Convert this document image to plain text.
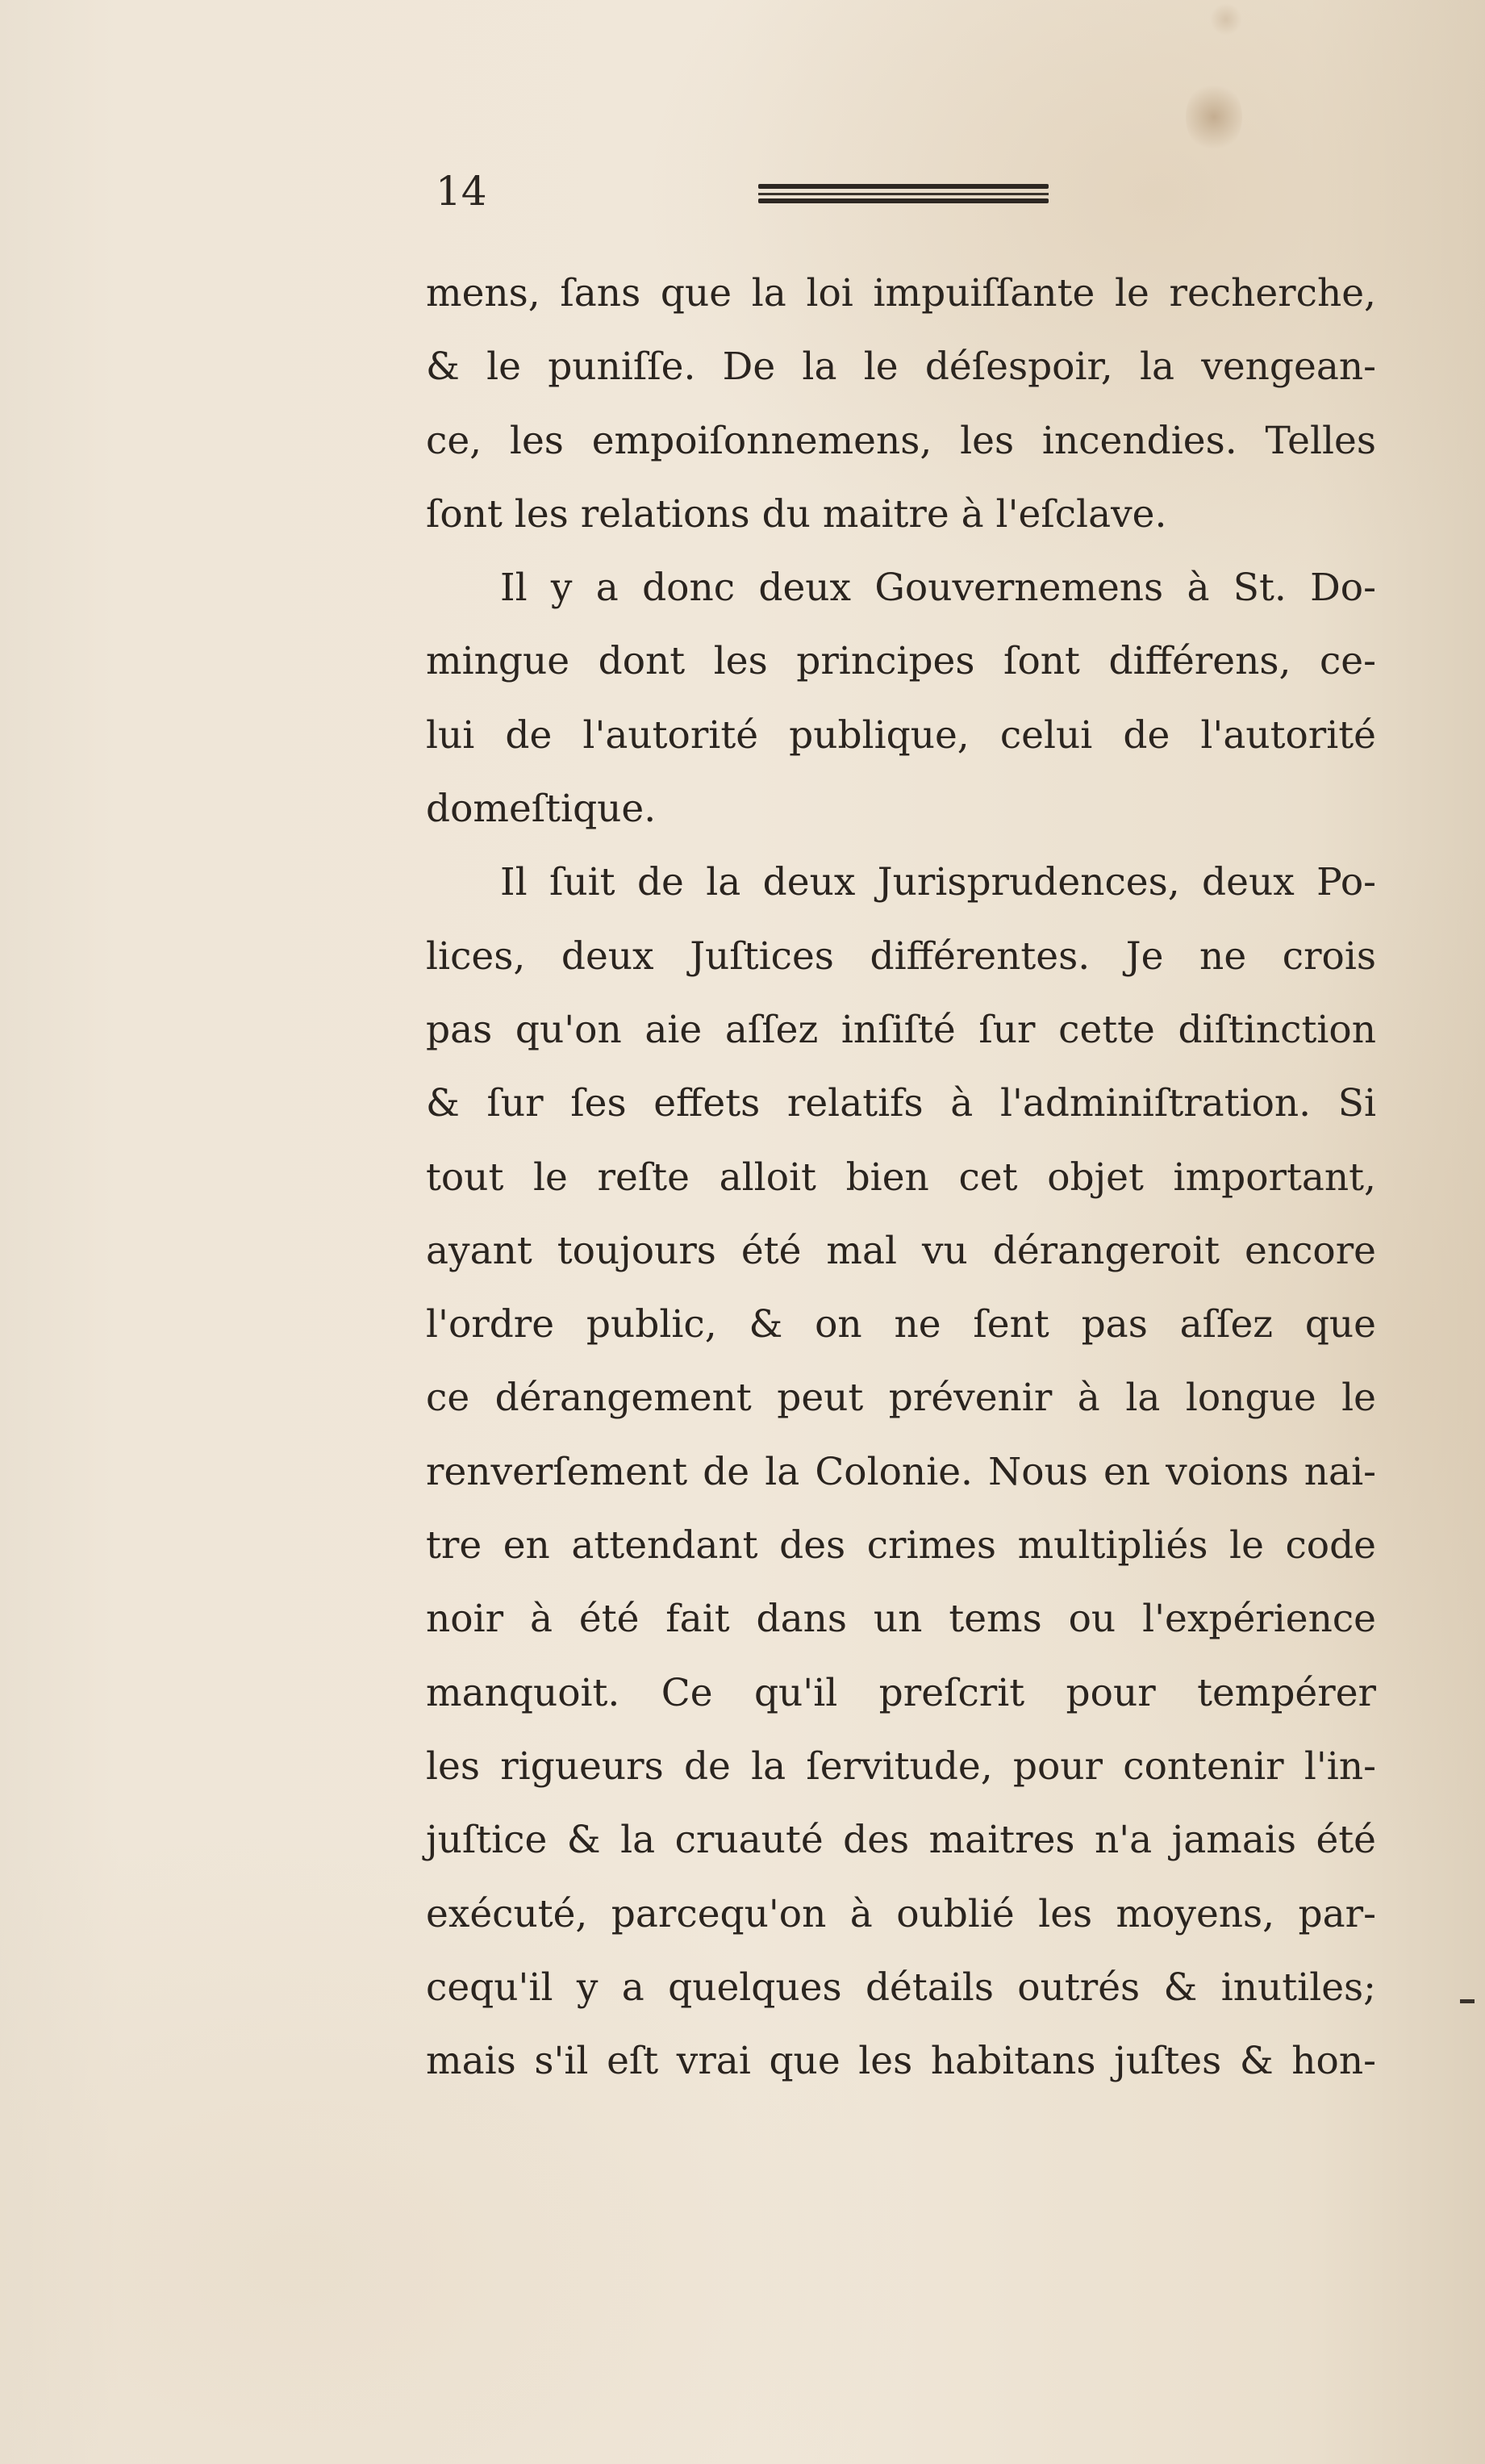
14
mens, ſans que la loi impuiſſante le recherche,
& le puniſſe. De la le déſespoir, la vengean-
ce, les empoiſonnemens, les incendies. Telles
ſont les relations du maitre à l'eſclave.
Il y a donc deux Gouvernemens à St. Do-
mingue dont les principes ſont différens, ce-
lui de l'autorité publique, celui de l'autorité
domeſtique.
Il ſuit de la deux Jurisprudences, deux Po-
lices, deux Juſtices différentes. Je ne crois
pas qu'on aie aſſez inſiſté ſur cette diſtinction
& ſur ſes effets relatifs à l'adminiſtration. Si
tout le reſte alloit bien cet objet important,
ayant toujours été mal vu dérangeroit encore
l'ordre public, & on ne ſent pas aſſez que
ce dérangement peut prévenir à la longue le
renverſement de la Colonie. Nous en voions nai-
tre en attendant des crimes multipliés le code
noir à été fait dans un tems ou l'expérience
manquoit. Ce qu'il preſcrit pour tempérer
les rigueurs de la ſervitude, pour contenir l'in-
juſtice & la cruauté des maitres n'a jamais été
exécuté, parcequ'on à oublié les moyens, par-
cequ'il y a quelques détails outrés & inutiles;
mais s'il eſt vrai que les habitans juſtes & hon-
